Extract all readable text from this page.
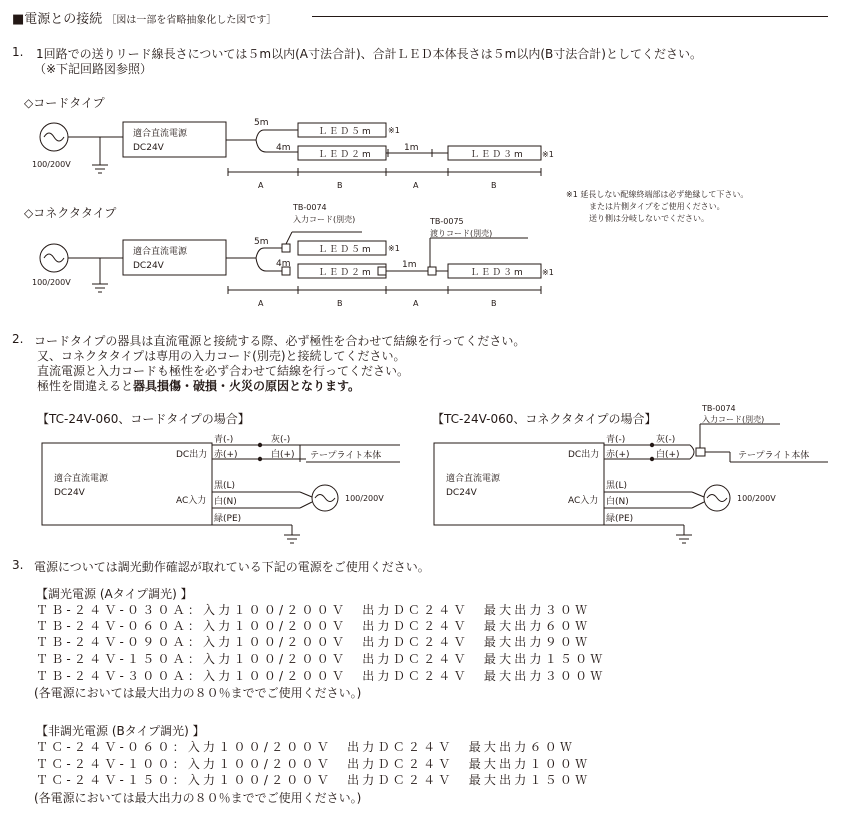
■電源との接続 ［図は一部を省略抽象化した図です］
1. 1回路での送りリード線長さについては５m以内(A寸法合計)、合計ＬＥＤ本体長さは５m以内(B寸法合計)としてください。
（※下記回路図参照）
◇コードタイプ
◇コネクタタイプ
※1 延長しない配線終端部は必ず絶縁して下さい。
または片側タイプをご使用ください。
送り側は分岐しないでください。
適合直流電源
DC24V
100/200V
5m
4m	1m
ＬＥＤ５m
ＬＥＤ２m	ＬＥＤ３m
※1
※1
A	B	A	B
適合直流電源
DC24V
100/200V
TB-0074
入力コード(別売)	TB-0075
渡りコード(別売)
5m
4m	1m
ＬＥＤ５m
ＬＥＤ２m	ＬＥＤ３m
※1
※1
A	B	A	B
2. コードタイプの器具は直流電源と接続する際、必ず極性を合わせて結線を行ってください。
又、コネクタタイプは専用の入力コード(別売)と接続してください。
直流電源と入力コードも極性を必ず合わせて結線を行ってください。
極性を間違えると器具損傷・破損・火災の原因となります。
【TC-24V-060、コードタイプの場合】
適合直流電源
DC24V
DC出力
AC入力
青(-)
赤(+)
灰(-)
白(+) テープライト本体
黒(L)
白(N)
緑(PE)
100/200V
【TC-24V-060、コネクタタイプの場合】
TB-0074
入力コード(別売)
適合直流電源
DC24V
DC出力
AC入力
青(-)
赤(+)
灰(-)
白(+)	テープライト本体
黒(L)
白(N)
緑(PE)
100/200V
3. 電源については調光動作確認が取れている下記の電源をご使用ください。
【調光電源 (Aタイプ調光) 】
ＴＢ-２４Ｖ-０３０Ａ：入力１００/２００Ｖ　出力ＤＣ２４Ｖ　最大出力３０Ｗ
ＴＢ-２４Ｖ-０６０Ａ：入力１００/２００Ｖ　出力ＤＣ２４Ｖ　最大出力６０Ｗ
ＴＢ-２４Ｖ-０９０Ａ：入力１００/２００Ｖ　出力ＤＣ２４Ｖ　最大出力９０Ｗ
ＴＢ-２４Ｖ-１５０Ａ：入力１００/２００Ｖ　出力ＤＣ２４Ｖ　最大出力１５０Ｗ
ＴＢ-２４Ｖ-３００Ａ：入力１００/２００Ｖ　出力ＤＣ２４Ｖ　最大出力３００Ｗ
(各電源においては最大出力の８０％まででご使用ください。)
【非調光電源 (Bタイプ調光) 】
ＴＣ-２４Ｖ-０６０：入力１００/２００Ｖ　出力ＤＣ２４Ｖ　最大出力６０Ｗ
ＴＣ-２４Ｖ-１００：入力１００/２００Ｖ　出力ＤＣ２４Ｖ　最大出力１００Ｗ
ＴＣ-２４Ｖ-１５０：入力１００/２００Ｖ　出力ＤＣ２４Ｖ　最大出力１５０Ｗ
(各電源においては最大出力の８０％まででご使用ください。)
